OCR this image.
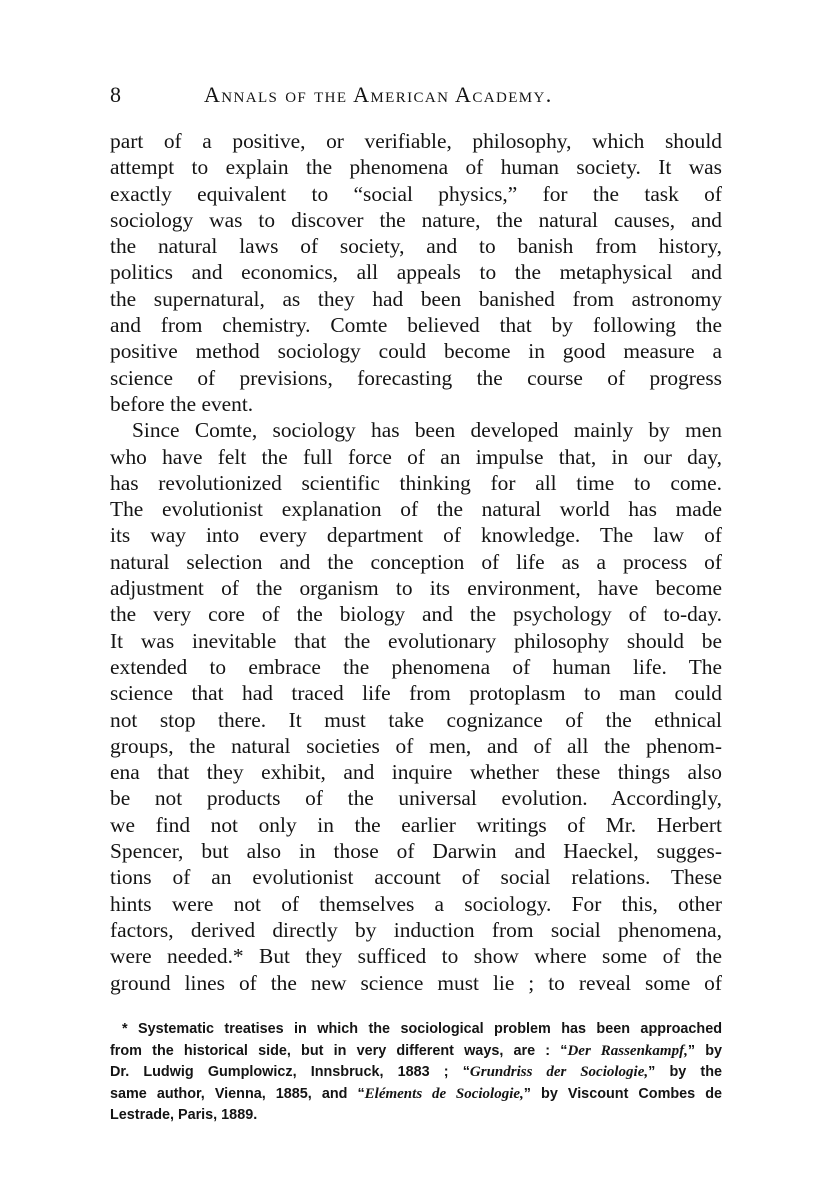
8	Annals of the American Academy.
part of a positive, or verifiable, philosophy, which should
attempt to explain the phenomena of human society. It was
exactly equivalent to “social physics,” for the task of
sociology was to discover the nature, the natural causes, and
the natural laws of society, and to banish from history,
politics and economics, all appeals to the metaphysical and
the supernatural, as they had been banished from astronomy
and from chemistry. Comte believed that by following the
positive method sociology could become in good measure a
science of previsions, forecasting the course of progress
before the event.
Since Comte, sociology has been developed mainly by men
who have felt the full force of an impulse that, in our day,
has revolutionized scientific thinking for all time to come.
The evolutionist explanation of the natural world has made
its way into every department of knowledge. The law of
natural selection and the conception of life as a process of
adjustment of the organism to its environment, have become
the very core of the biology and the psychology of to-day.
It was inevitable that the evolutionary philosophy should be
extended to embrace the phenomena of human life. The
science that had traced life from protoplasm to man could
not stop there. It must take cognizance of the ethnical
groups, the natural societies of men, and of all the phenom-
ena that they exhibit, and inquire whether these things also
be not products of the universal evolution. Accordingly,
we find not only in the earlier writings of Mr. Herbert
Spencer, but also in those of Darwin and Haeckel, sugges-
tions of an evolutionist account of social relations. These
hints were not of themselves a sociology. For this, other
factors, derived directly by induction from social phenomena,
were needed.* But they sufficed to show where some of the
ground lines of the new science must lie ; to reveal some of
* Systematic treatises in which the sociological problem has been approached
from the historical side, but in very different ways, are : “Der Rassenkampf,” by
Dr. Ludwig Gumplowicz, Innsbruck, 1883 ; “Grundriss der Sociologie,” by the
same author, Vienna, 1885, and “Eléments de Sociologie,” by Viscount Combes de
Lestrade, Paris, 1889.
